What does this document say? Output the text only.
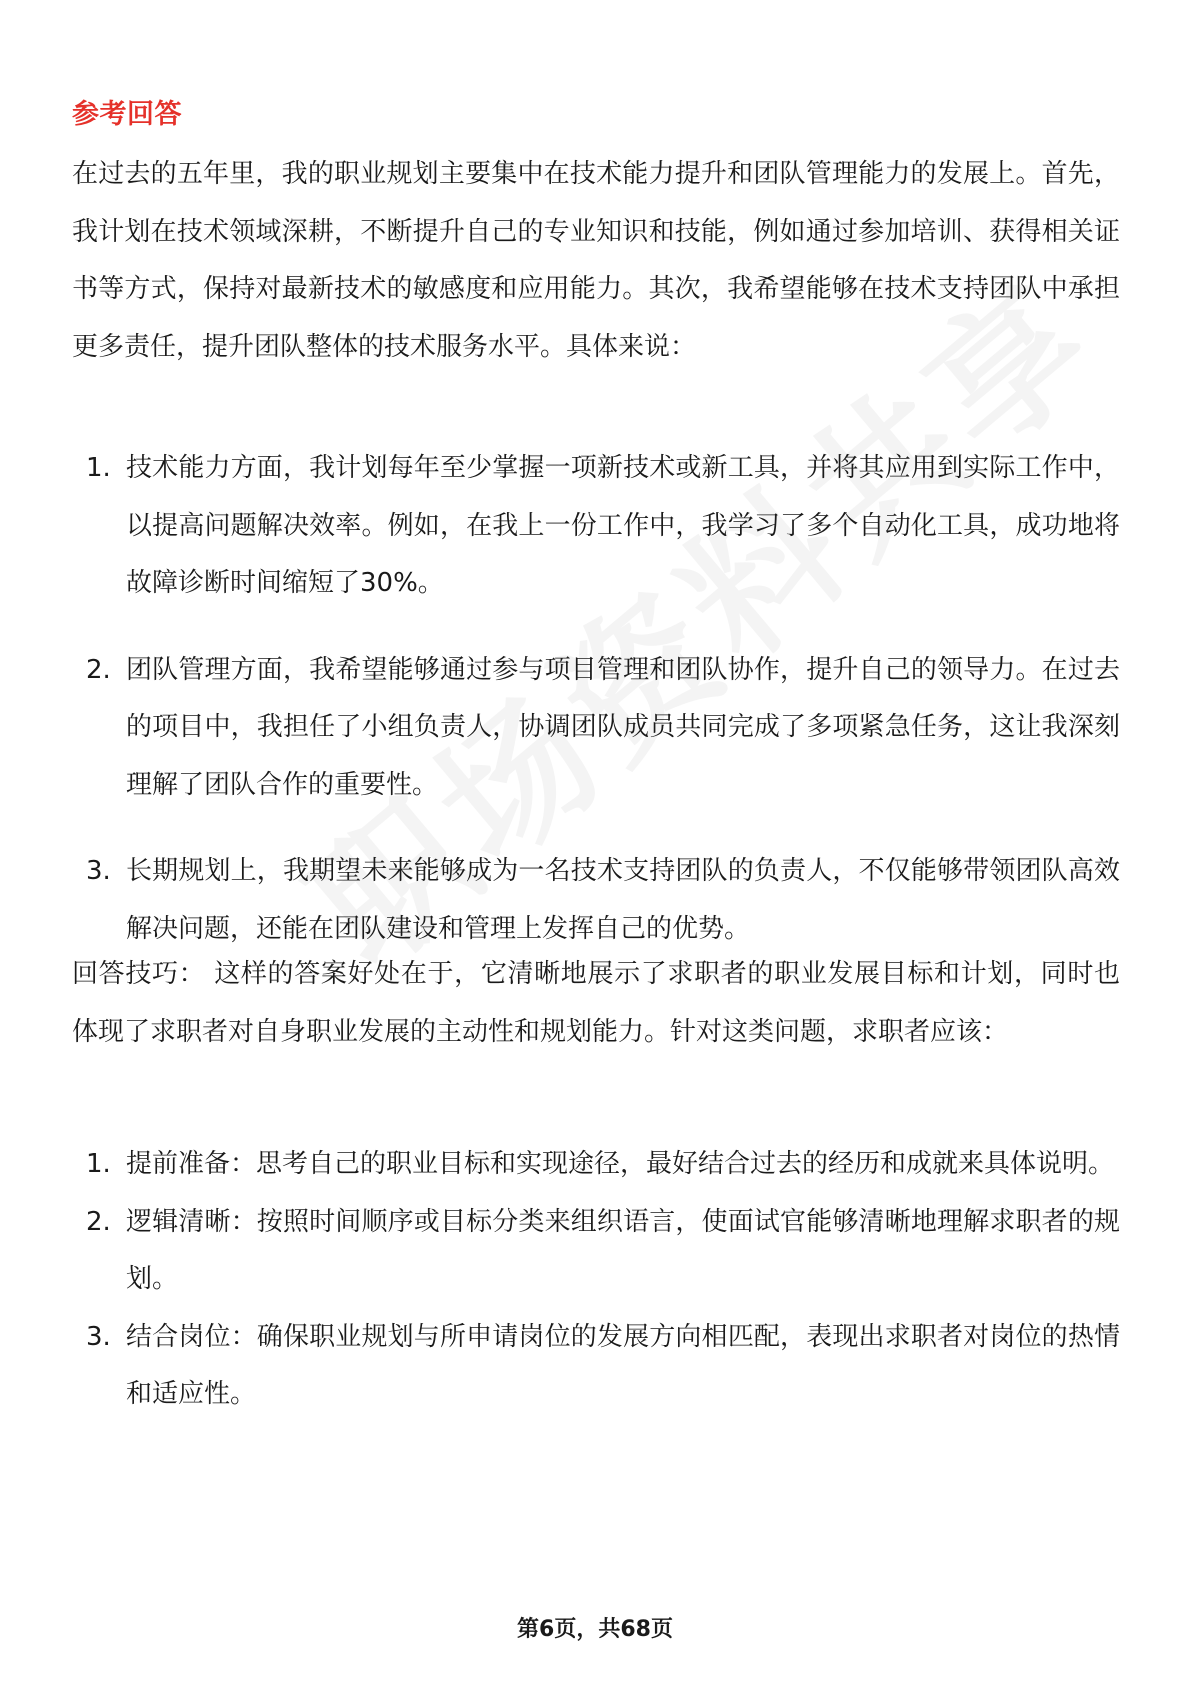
参考回答

在过去的五年里，我的职业规划主要集中在技术能力提升和团队管理能力的发展上。首先，我计划在技术领域深耕，不断提升自己的专业知识和技能，例如通过参加培训、获得相关证书等方式，保持对最新技术的敏感度和应用能力。其次，我希望能够在技术支持团队中承担更多责任，提升团队整体的技术服务水平。具体来说：

1. 技术能力方面，我计划每年至少掌握一项新技术或新工具，并将其应用到实际工作中，以提高问题解决效率。例如，在我上一份工作中，我学习了多个自动化工具，成功地将故障诊断时间缩短了30%。
2. 团队管理方面，我希望能够通过参与项目管理和团队协作，提升自己的领导力。在过去的项目中，我担任了小组负责人，协调团队成员共同完成了多项紧急任务，这让我深刻理解了团队合作的重要性。
3. 长期规划上，我期望未来能够成为一名技术支持团队的负责人，不仅能够带领团队高效解决问题，还能在团队建设和管理上发挥自己的优势。

回答技巧： 这样的答案好处在于，它清晰地展示了求职者的职业发展目标和计划，同时也体现了求职者对自身职业发展的主动性和规划能力。针对这类问题，求职者应该：

1. 提前准备：思考自己的职业目标和实现途径，最好结合过去的经历和成就来具体说明。
2. 逻辑清晰：按照时间顺序或目标分类来组织语言，使面试官能够清晰地理解求职者的规划。
3. 结合岗位：确保职业规划与所申请岗位的发展方向相匹配，表现出求职者对岗位的热情和适应性。
第6页，共68页
